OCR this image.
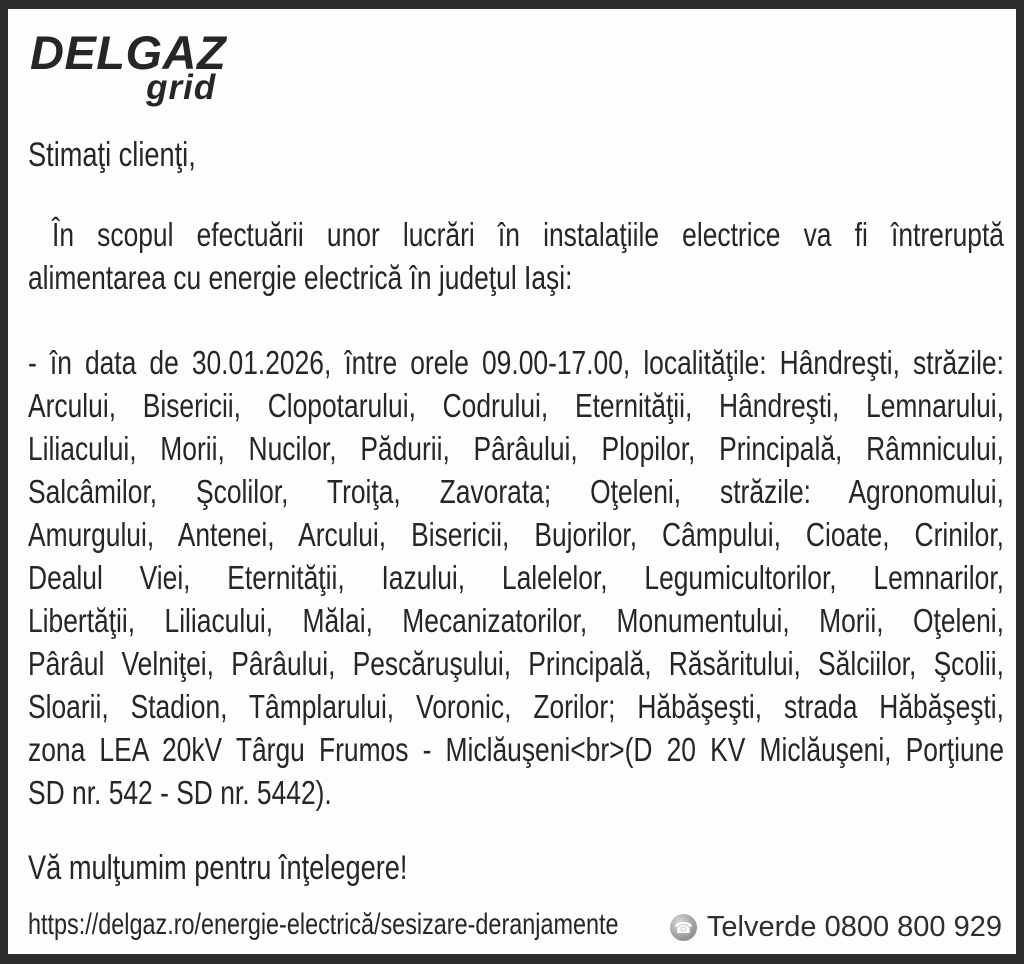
DELGAZ
grid
Stimaţi clienţi,
În scopul efectuării unor lucrări în instalaţiile electrice va fi întreruptă
alimentarea cu energie electrică în judeţul Iaşi:
- în data de 30.01.2026, între orele 09.00-17.00, localităţile: Hândreşti, străzile:
Arcului, Bisericii, Clopotarului, Codrului, Eternităţii, Hândreşti, Lemnarului,
Liliacului, Morii, Nucilor, Pădurii, Pârâului, Plopilor, Principală, Râmnicului,
Salcâmilor, Şcolilor, Troiţa, Zavorata; Oţeleni, străzile: Agronomului,
Amurgului, Antenei, Arcului, Bisericii, Bujorilor, Câmpului, Cioate, Crinilor,
Dealul Viei, Eternităţii, Iazului, Lalelelor, Legumicultorilor, Lemnarilor,
Libertăţii, Liliacului, Mălai, Mecanizatorilor, Monumentului, Morii, Oţeleni,
Pârâul Velniţei, Pârâului, Pescăruşului, Principală, Răsăritului, Sălciilor, Şcolii,
Sloarii, Stadion, Tâmplarului, Voronic, Zorilor; Hăbăşeşti, strada Hăbăşeşti,
zona LEA 20kV Târgu Frumos - Miclăuşeni<br>(D 20 KV Miclăuşeni, Porţiune
SD nr. 542 - SD nr. 5442).
Vă mulţumim pentru înţelegere!
https://delgaz.ro/energie-electrică/sesizare-deranjamente	☎ Telverde 0800 800 929
